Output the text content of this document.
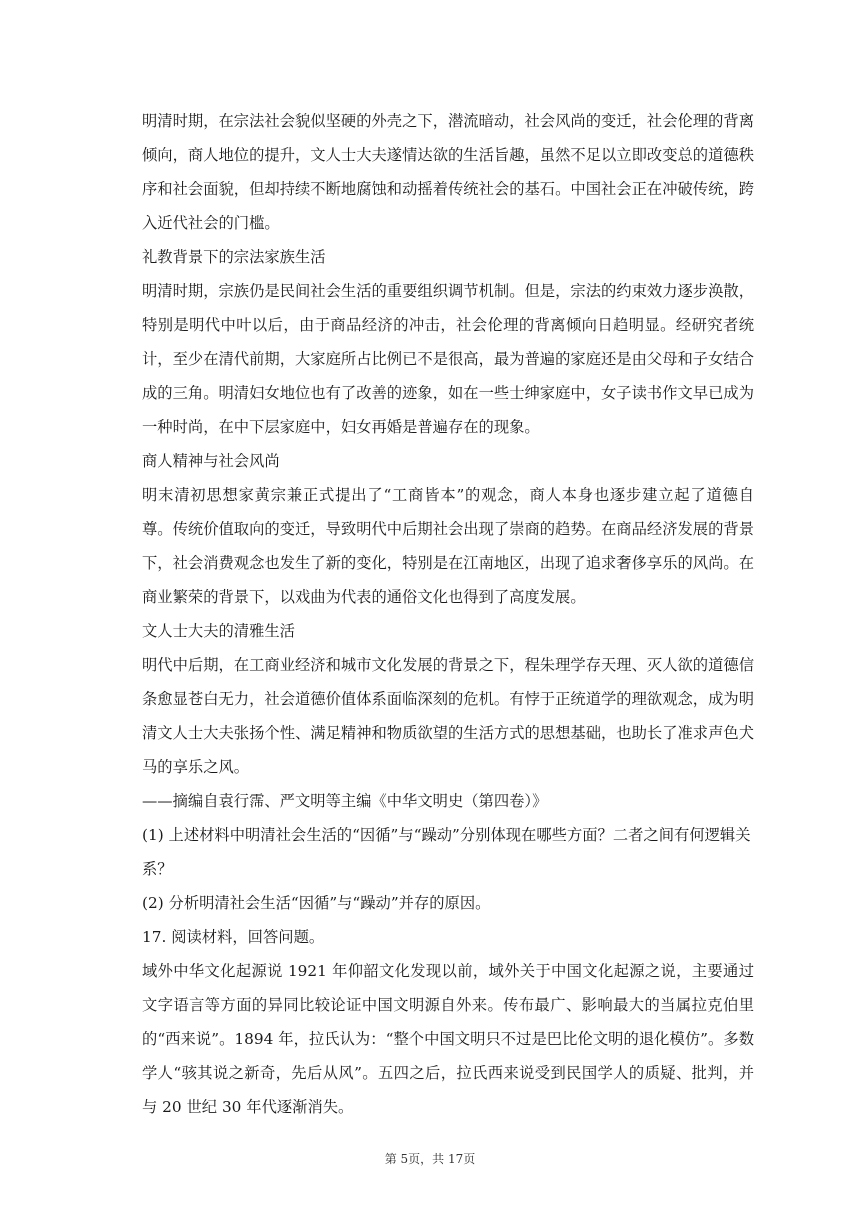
明清时期，在宗法社会貌似坚硬的外壳之下，潜流暗动，社会风尚的变迁，社会伦理的背离倾向，商人地位的提升，文人士大夫遂情达欲的生活旨趣，虽然不足以立即改变总的道德秩序和社会面貌，但却持续不断地腐蚀和动摇着传统社会的基石。中国社会正在冲破传统，跨入近代社会的门槛。

礼教背景下的宗法家族生活

明清时期，宗族仍是民间社会生活的重要组织调节机制。但是，宗法的约束效力逐步涣散，特别是明代中叶以后，由于商品经济的冲击，社会伦理的背离倾向日趋明显。经研究者统计，至少在清代前期，大家庭所占比例已不是很高，最为普遍的家庭还是由父母和子女结合成的三角。明清妇女地位也有了改善的迹象，如在一些士绅家庭中，女子读书作文早已成为一种时尚，在中下层家庭中，妇女再婚是普遍存在的现象。

商人精神与社会风尚

明末清初思想家黄宗兼正式提出了“工商皆本”的观念，商人本身也逐步建立起了道德自尊。传统价值取向的变迁，导致明代中后期社会出现了崇商的趋势。在商品经济发展的背景下，社会消费观念也发生了新的变化，特别是在江南地区，出现了追求奢侈享乐的风尚。在商业繁荣的背景下，以戏曲为代表的通俗文化也得到了高度发展。

文人士大夫的清雅生活

明代中后期，在工商业经济和城市文化发展的背景之下，程朱理学存天理、灭人欲的道德信条愈显苍白无力，社会道德价值体系面临深刻的危机。有悖于正统道学的理欲观念，成为明清文人士大夫张扬个性、满足精神和物质欲望的生活方式的思想基础，也助长了准求声色犬马的享乐之风。

——摘编自袁行霈、严文明等主编《中华文明史（第四卷）》

(1) 上述材料中明清社会生活的“因循”与“躁动”分别体现在哪些方面？二者之间有何逻辑关系？

(2) 分析明清社会生活“因循”与“躁动”并存的原因。

17. 阅读材料，回答问题。

域外中华文化起源说 1921 年仰韶文化发现以前，域外关于中国文化起源之说，主要通过文字语言等方面的异同比较论证中国文明源自外来。传布最广、影响最大的当属拉克伯里的“西来说”。1894 年，拉氏认为：“整个中国文明只不过是巴比伦文明的退化模仿”。多数学人“骇其说之新奇，先后从风”。五四之后，拉氏西来说受到民国学人的质疑、批判，并与 20 世纪 30 年代逐渐消失。

第 5页，共 17页
